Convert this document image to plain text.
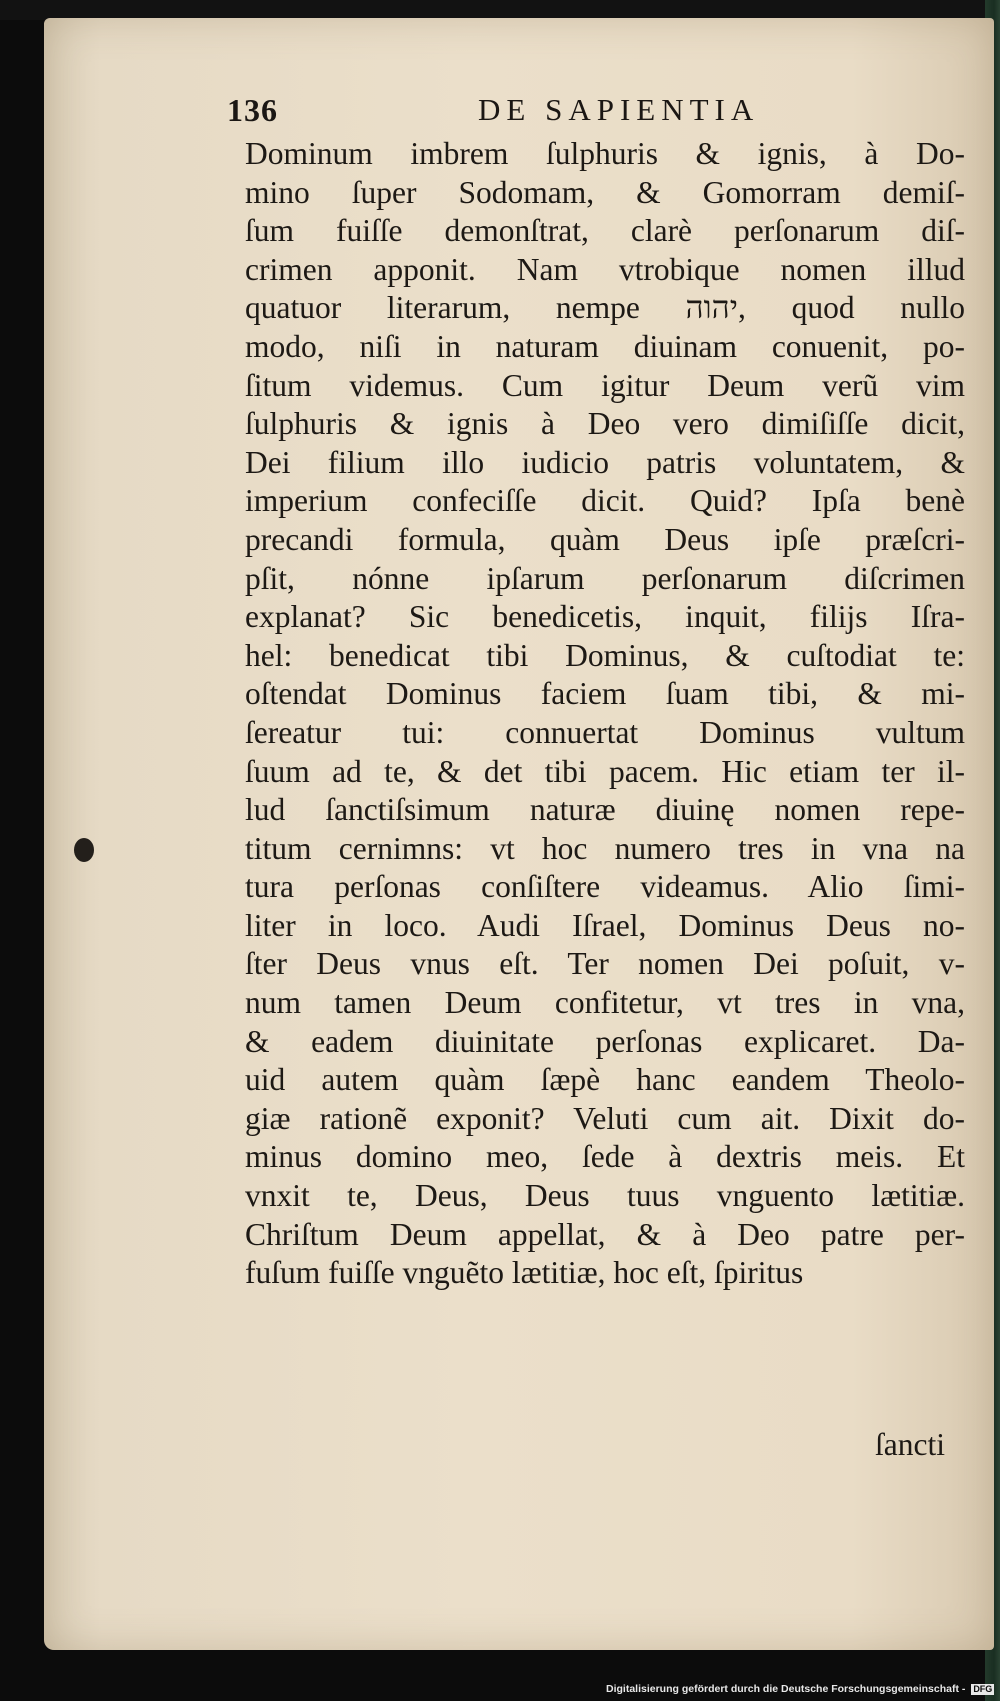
136	DE SAPIENTIA
Dominum imbrem ſulphuris & ignis, à Do-
mino ſuper Sodomam, & Gomorram demiſ-
ſum fuiſſe demonſtrat, clarè perſonarum diſ-
crimen apponit. Nam vtrobique nomen illud
quatuor literarum, nempe יהוה, quod nullo
modo, niſi in naturam diuinam conuenit, po-
ſitum videmus. Cum igitur Deum verũ vim
ſulphuris & ignis à Deo vero dimiſiſſe dicit,
Dei filium illo iudicio patris voluntatem, &
imperium confeciſſe dicit. Quid? Ipſa benè
precandi formula, quàm Deus ipſe præſcri-
pſit, nónne ipſarum perſonarum diſcrimen
explanat? Sic benedicetis, inquit, filijs Iſra-
hel: benedicat tibi Dominus, & cuſtodiat te:
oſtendat Dominus faciem ſuam tibi, & mi-
ſereatur tui: connuertat Dominus vultum
ſuum ad te, & det tibi pacem. Hic etiam ter il-
lud ſanctiſsimum naturæ diuinę nomen repe-
titum cernimns: vt hoc numero tres in vna na
tura perſonas conſiſtere videamus. Alio ſimi-
liter in loco. Audi Iſrael, Dominus Deus no-
ſter Deus vnus eſt. Ter nomen Dei poſuit, v-
num tamen Deum confitetur, vt tres in vna,
& eadem diuinitate perſonas explicaret. Da-
uid autem quàm ſæpè hanc eandem Theolo-
giæ rationẽ exponit? Veluti cum ait. Dixit do-
minus domino meo, ſede à dextris meis. Et
vnxit te, Deus, Deus tuus vnguento lætitiæ.
Chriſtum Deum appellat, & à Deo patre per-
fuſum fuiſſe vnguẽto lætitiæ, hoc eſt, ſpiritus
ſancti
Digitalisierung gefördert durch die Deutsche Forschungsgemeinschaft - DFG
